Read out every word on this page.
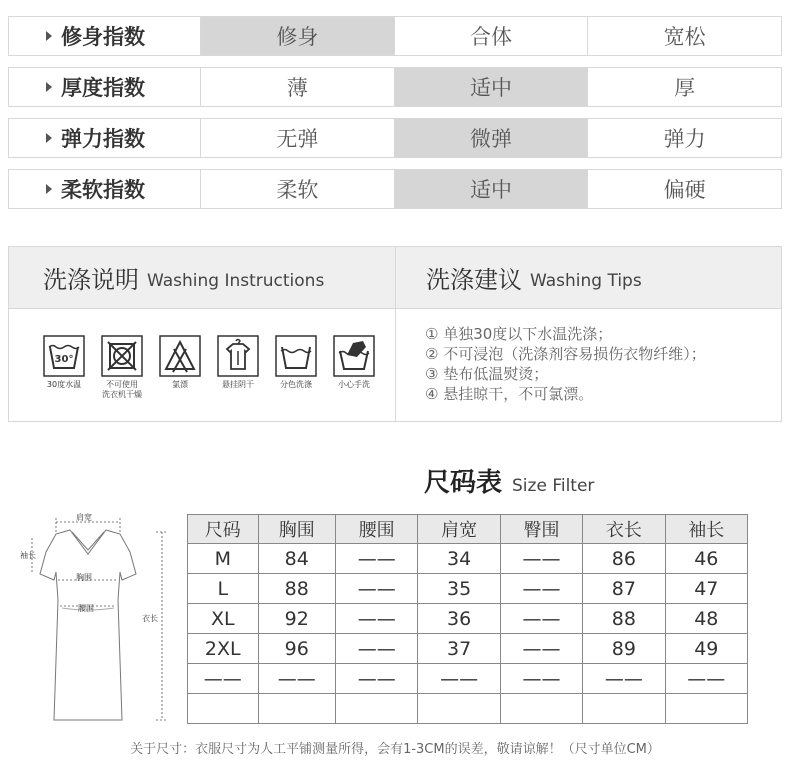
修身指数	修身	合体	宽松
厚度指数	薄	适中	厚
弹力指数	无弹	微弹	弹力
柔软指数	柔软	适中	偏硬
洗涤说明 Washing Instructions	洗涤建议 Washing Tips
30°
30度水温	不可使用
洗衣机干燥
氯漂	悬挂阴干	分色洗涤	小心手洗
① 单独30度以下水温洗涤；
② 不可浸泡（洗涤剂容易损伤衣物纤维）；
③ 垫布低温熨烫；
④ 悬挂晾干，不可氯漂。
尺码表 Size Filter
肩宽
袖长
胸围
腰围
衣长
尺码	胸围	腰围	肩宽	臀围	衣长	袖长
M	84	——	34	——	86	46
L	88	——	35	——	87	47
XL	92	——	36	——	88	48
2XL	96	——	37	——	89	49
——	——	——	——	——	——	——

关于尺寸：衣服尺寸为人工平铺测量所得，会有1-3CM的误差，敬请谅解！（尺寸单位CM）
